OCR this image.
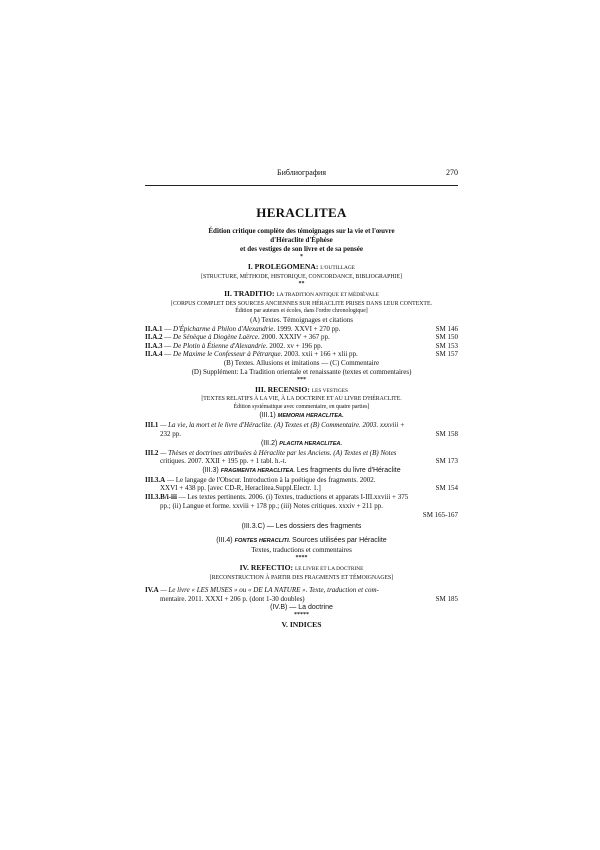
Библиография	270
HERACLITEA
Édition critique complète des témoignages sur la vie et l'œuvre
d'Héraclite d'Éphèse
et des vestiges de son livre et de sa pensée
*
I. PROLEGOMENA: L'OUTILLAGE
[STRUCTURE, MÉTHODE, HISTORIQUE, CONCORDANCE, BIBLIOGRAPHIE]
**
II. TRADITIO: LA TRADITION ANTIQUE ET MÉDIÉVALE
[CORPUS COMPLET DES SOURCES ANCIENNES SUR HÉRACLITE PRISES DANS LEUR CONTEXTE.
Édition par auteurs et écoles, dans l'ordre chronologique]
(A) Textes. Témoignages et citations
II.A.1 — D'Épicharme à Philon d'Alexandrie. 1999. XXVI + 270 pp.	SM 146
II.A.2 — De Sénèque à Diogène Laërce. 2000. XXXIV + 367 pp.	SM 150
II.A.3 — De Plotin à Étienne d'Alexandrie. 2002. xv + 196 pp.	SM 153
II.A.4 — De Maxime le Confesseur à Pétrarque. 2003. xxii + 166 + xlii pp.	SM 157
(B) Textes. Allusions et imitations — (C) Commentaire
(D) Supplément: La Tradition orientale et renaissante (textes et commentaires)
***
III. RECENSIO: LES VESTIGES
[TEXTES RELATIFS À LA VIE, À LA DOCTRINE ET AU LIVRE D'HÉRACLITE.
Édition systématique avec commentaire, en quatre parties]
(III.1) MEMORIA HERACLITEA.
III.1 — La vie, la mort et le livre d'Héraclite. (A) Textes et (B) Commentaire. 2003. xxxviii +
232 pp.	SM 158
(III.2) PLACITA HERACLITEA.
III.2 — Thèses et doctrines attribuées à Héraclite par les Anciens. (A) Textes et (B) Notes
critiques. 2007. XXII + 195 pp. + 1 tabl. h.-t.	SM 173
(III.3) FRAGMENTA HERACLITEA. Les fragments du livre d'Héraclite
III.3.A — Le langage de l'Obscur. Introduction à la poétique des fragments. 2002.
XXVI + 438 pp. [avec CD-R, Heraclitea.Suppl.Electr. 1.]	SM 154
III.3.B/i-iii — Les textes pertinents. 2006. (i) Textes, traductions et apparats I-III.xxviii + 375
pp.; (ii) Langue et forme. xxviii + 178 pp.; (iii) Notes critiques. xxxiv + 211 pp.
SM 165-167
(III.3.C) — Les dossiers des fragments
(III.4) FONTES HERACLITI. Sources utilisées par Héraclite
Textes, traductions et commentaires
****
IV. REFECTIO: LE LIVRE ET LA DOCTRINE
[RECONSTRUCTION À PARTIR DES FRAGMENTS ET TÉMOIGNAGES]
IV.A — Le livre « LES MUSES » ou « DE LA NATURE ». Texte, traduction et com-
mentaire. 2011. XXXI + 206 p. (dont 1-30 doubles)	SM 185
(IV.B) — La doctrine
*****
V. INDICES
